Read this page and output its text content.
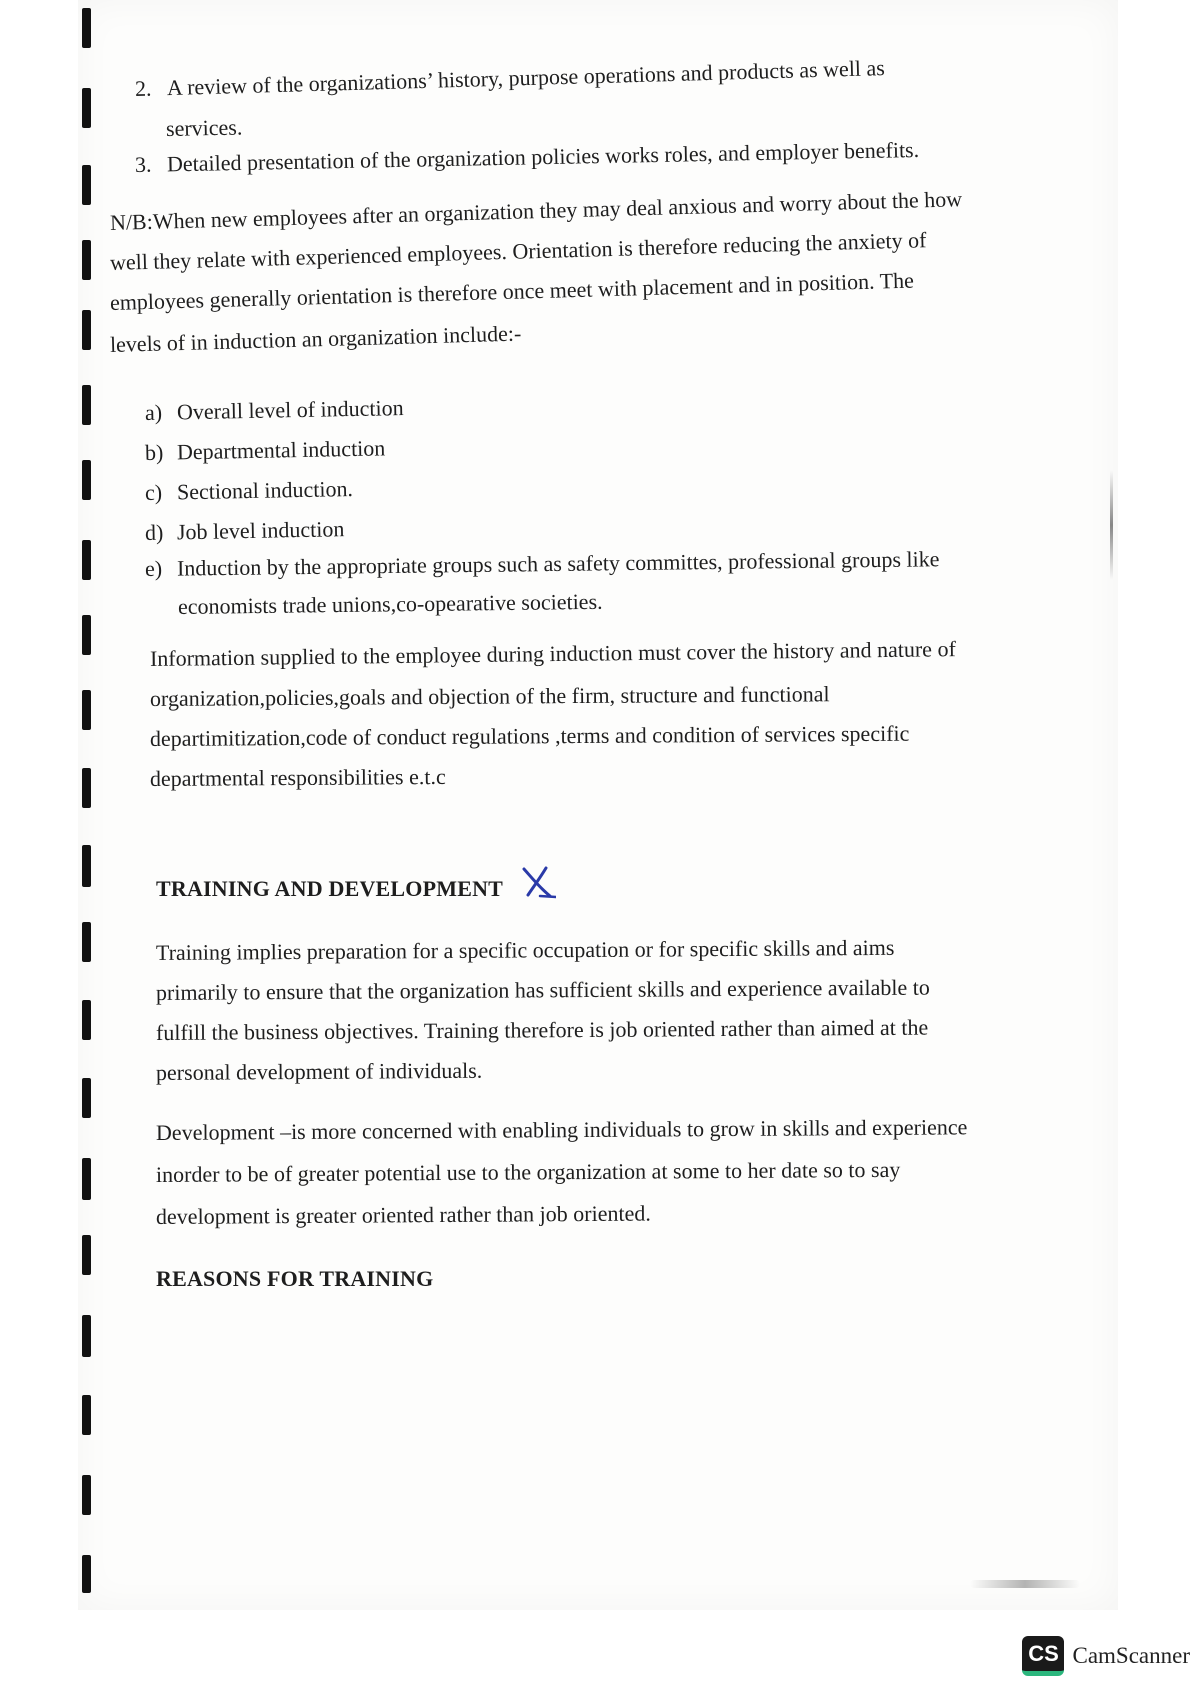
2. A review of the organizations’ history, purpose operations and products as well as
services.
3. Detailed presentation of the organization policies works roles, and employer benefits.
N/B:When new employees after an organization they may deal anxious and worry about the how
well they relate with experienced employees. Orientation is therefore reducing the anxiety of
employees generally orientation is therefore once meet with placement and in position. The
levels of in induction an organization include:-
a) Overall level of induction
b) Departmental induction
c) Sectional induction.
d) Job level induction
e) Induction by the appropriate groups such as safety committes, professional groups like
economists trade unions,co-opearative societies.
Information supplied to the employee during induction must cover the history and nature of
organization,policies,goals and objection of the firm, structure and functional
departimitization,code of conduct regulations ,terms and condition of services specific
departmental responsibilities e.t.c
TRAINING AND DEVELOPMENT
Training implies preparation for a specific occupation or for specific skills and aims
primarily to ensure that the organization has sufficient skills and experience available to
fulfill the business objectives. Training therefore is job oriented rather than aimed at the
personal development of individuals.
Development –is more concerned with enabling individuals to grow in skills and experience
inorder to be of greater potential use to the organization at some to her date so to say
development is greater oriented rather than job oriented.
REASONS FOR TRAINING
CS CamScanner
